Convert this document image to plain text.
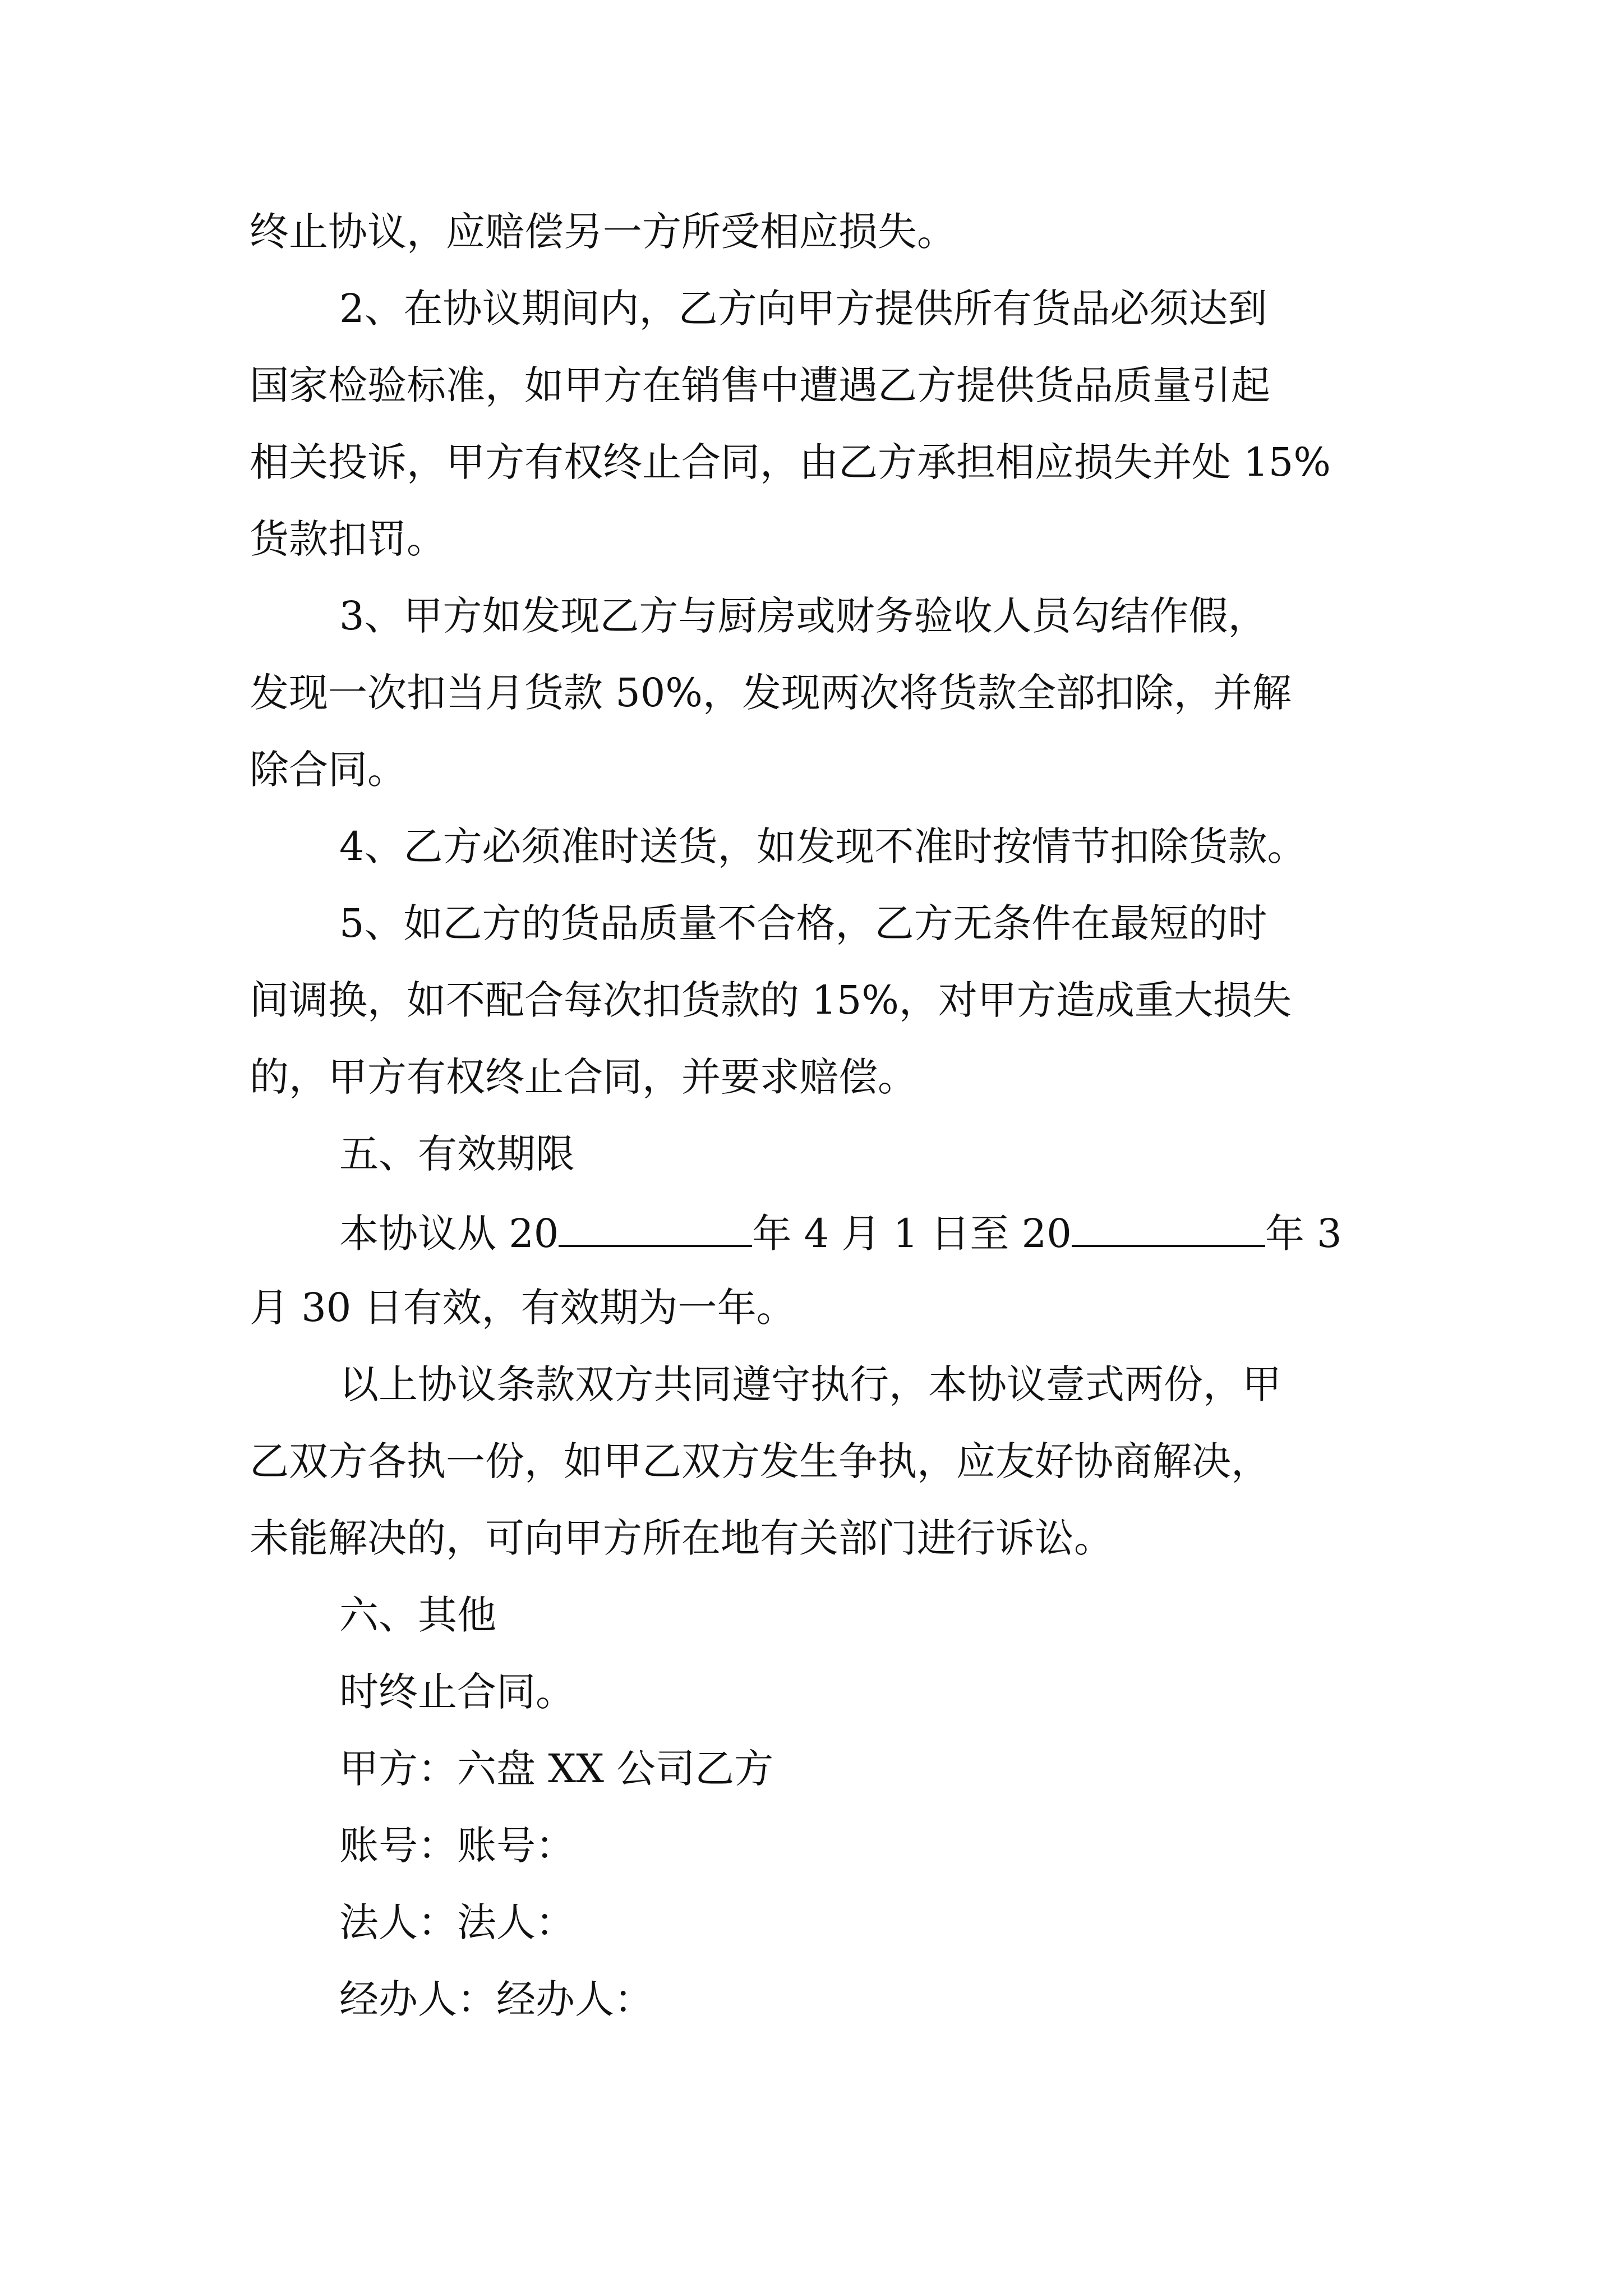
终止协议，应赔偿另一方所受相应损失。
2、在协议期间内，乙方向甲方提供所有货品必须达到
国家检验标准，如甲方在销售中遭遇乙方提供货品质量引起
相关投诉，甲方有权终止合同，由乙方承担相应损失并处 15%
货款扣罚。
3、甲方如发现乙方与厨房或财务验收人员勾结作假，
发现一次扣当月货款 50%，发现两次将货款全部扣除，并解
除合同。
4、乙方必须准时送货，如发现不准时按情节扣除货款。
5、如乙方的货品质量不合格，乙方无条件在最短的时
间调换，如不配合每次扣货款的 15%，对甲方造成重大损失
的，甲方有权终止合同，并要求赔偿。
五、有效期限
本协议从 20	年 4 月 1 日至 20	年 3
月 30 日有效，有效期为一年。
以上协议条款双方共同遵守执行，本协议壹式两份，甲
乙双方各执一份，如甲乙双方发生争执，应友好协商解决，
未能解决的，可向甲方所在地有关部门进行诉讼。
六、其他
时终止合同。
甲方：六盘 XX 公司乙方
账号：账号：
法人：法人：
经办人：经办人：
